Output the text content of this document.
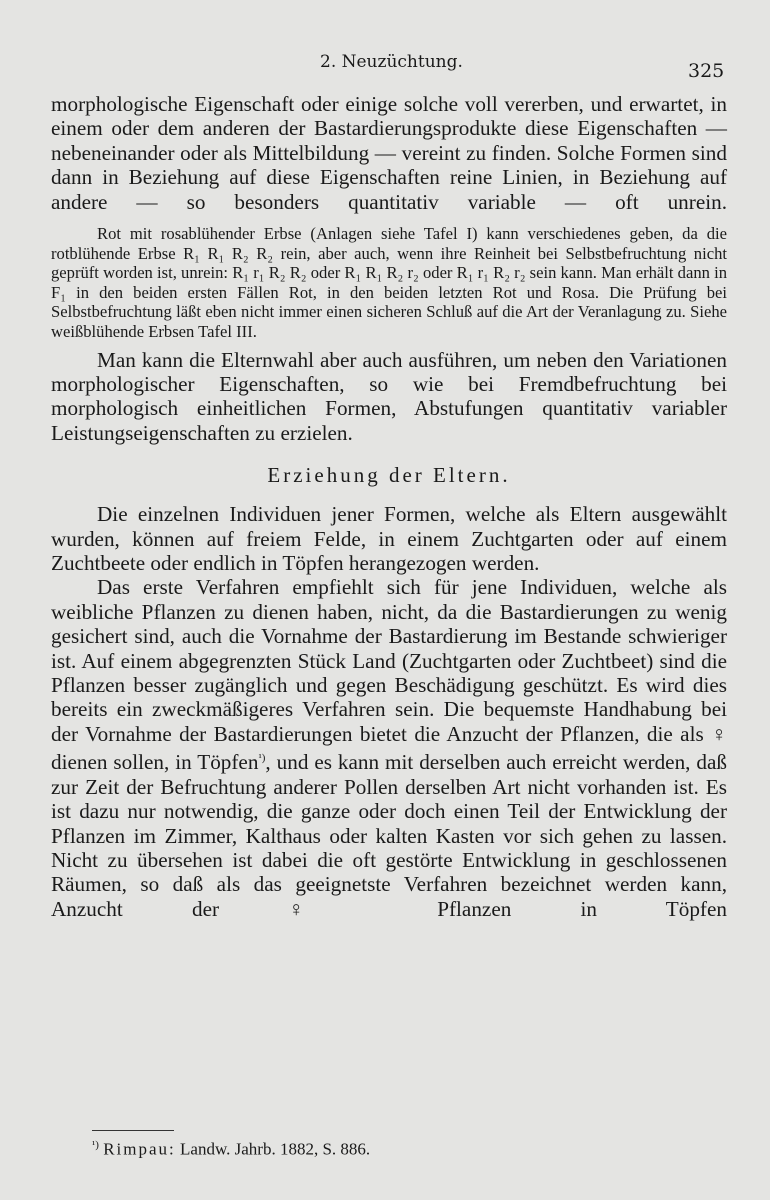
2. Neuzüchtung.	325

morphologische Eigenschaft oder einige solche voll vererben, und erwartet, in einem oder dem anderen der Bastardierungsprodukte diese Eigenschaften — nebeneinander oder als Mittelbildung — vereint zu finden. Solche Formen sind dann in Beziehung auf diese Eigenschaften reine Linien, in Beziehung auf andere — so besonders quantitativ variable — oft unrein.

Rot mit rosablühender Erbse (Anlagen siehe Tafel I) kann verschiedenes geben, da die rotblühende Erbse R₁ R₁ R₂ R₂ rein, aber auch, wenn ihre Reinheit bei Selbstbefruchtung nicht geprüft worden ist, unrein: R₁ r₁ R₂ R₂ oder R₁ R₁ R₂ r₂ oder R₁ r₁ R₂ r₂ sein kann. Man erhält dann in F₁ in den beiden ersten Fällen Rot, in den beiden letzten Rot und Rosa. Die Prüfung bei Selbstbefruchtung läßt eben nicht immer einen sicheren Schluß auf die Art der Veranlagung zu. Siehe weißblühende Erbsen Tafel III.

Man kann die Elternwahl aber auch ausführen, um neben den Variationen morphologischer Eigenschaften, so wie bei Fremdbefruchtung bei morphologisch einheitlichen Formen, Abstufungen quantitativ variabler Leistungseigenschaften zu erzielen.

Erziehung der Eltern.

Die einzelnen Individuen jener Formen, welche als Eltern ausgewählt wurden, können auf freiem Felde, in einem Zuchtgarten oder auf einem Zuchtbeete oder endlich in Töpfen herangezogen werden.

Das erste Verfahren empfiehlt sich für jene Individuen, welche als weibliche Pflanzen zu dienen haben, nicht, da die Bastardierungen zu wenig gesichert sind, auch die Vornahme der Bastardierung im Bestande schwieriger ist. Auf einem abgegrenzten Stück Land (Zuchtgarten oder Zuchtbeet) sind die Pflanzen besser zugänglich und gegen Beschädigung geschützt. Es wird dies bereits ein zweckmäßigeres Verfahren sein. Die bequemste Handhabung bei der Vornahme der Bastardierungen bietet die Anzucht der Pflanzen, die als ♀ dienen sollen, in Töpfen$^{^1)}$, und es kann mit derselben auch erreicht werden, daß zur Zeit der Befruchtung anderer Pollen derselben Art nicht vorhanden ist. Es ist dazu nur notwendig, die ganze oder doch einen Teil der Entwicklung der Pflanzen im Zimmer, Kalthaus oder kalten Kasten vor sich gehen zu lassen. Nicht zu übersehen ist dabei die oft gestörte Entwicklung in geschlossenen Räumen, so daß als das geeignetste Verfahren bezeichnet werden kann, Anzucht der ♀ Pflanzen in Töpfen

$^{^1)}$ Rimpau: Landw. Jahrb. 1882, S. 886.
